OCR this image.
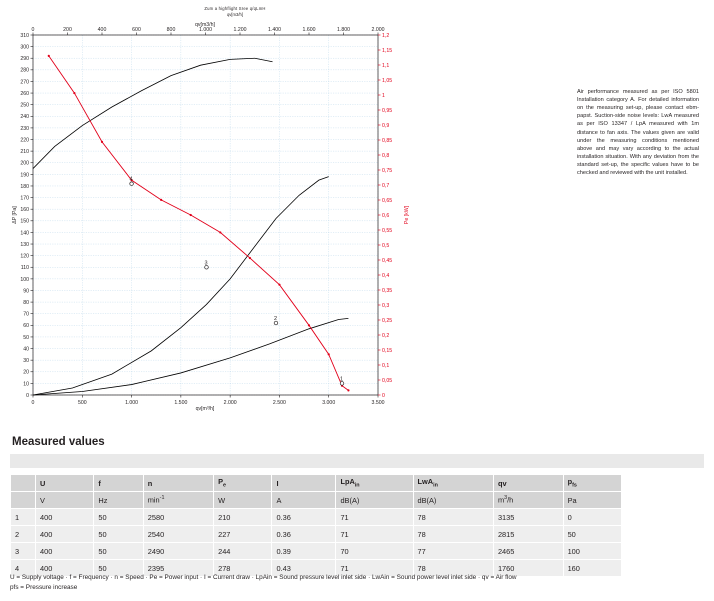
Zum a highflight Sree q/qLmH
qv[m3/h]
0	500	1.000	1.500	2.000	2.500	3.000	3.500
0	200	400	600	800	1.000	1.200	1.400	1.600	1.800	2.000
0
10
20
30
40
50
60
70
80
90
100
110
120
130
140
150
160
170
180
190
200
210
220
230
240
250
260
270
280
290
300
310
0
0,05
0,1
0,15
0,2
0,25
0,3
0,35
0,4
0,45
0,5
0,55
0,6
0,65
0,7
0,75
0,8
0,85
0,9
0,95
1
1,05
1,1
1,15
1,2
4
3
2
1
ΔP [Pa]	Pe [kW]
qv[m³/h]
qv[m3/h]
Air performance measured as per ISO 5801 Installation category A. For detailed information on the measuring set-up, please contact ebm-papst. Suction-side noise levels: LwA measured as per ISO 13347 / LpA measured with 1m distance to fan axis. The values given are valid under the measuring conditions mentioned above and may vary according to the actual installation situation. With any deviation from the standard set-up, the specific values have to be checked and reviewed with the unit installed.
Measured values
	U	f	n	$P_e$	I	LpA$_{in}$	LwA$_{in}$	qv	$p_{fs}$
	V	Hz	$\min^{-1}$	W	A	dB(A)	dB(A)	$m^3/h$	Pa
1	400	50	2580	210	0.36	71	78	3135	0
2	400	50	2540	227	0.36	71	78	2815	50
3	400	50	2490	244	0.39	70	77	2465	100
4	400	50	2395	278	0.43	71	78	1760	160
U = Supply voltage · f = Frequency · n = Speed · Pe = Power input · I = Current draw · LpAin = Sound pressure level inlet side · LwAin = Sound power level inlet side · qv = Air flow
pfs = Pressure increase
